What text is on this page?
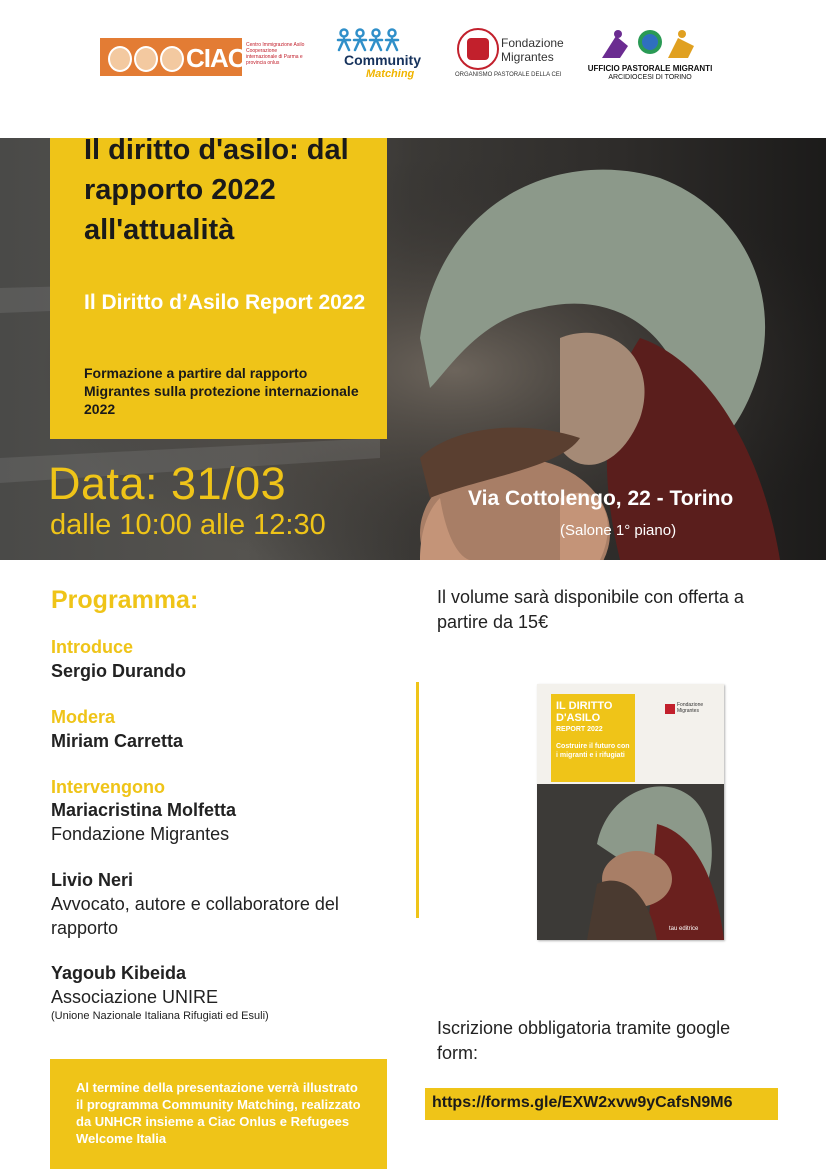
CIAC Centro Immigrazione Asilo Cooperazione internazionale di Parma e provincia onlus	Community
Matching
Fondazione Migrantes
ORGANISMO PASTORALE DELLA CEI
UFFICIO PASTORALE MIGRANTI
ARCIDIOCESI DI TORINO
Il diritto d'asilo: dal rapporto 2022 all'attualità
Il Diritto d’Asilo Report 2022
Formazione a partire dal rapporto Migrantes sulla protezione internazionale 2022
Data: 31/03
dalle 10:00 alle 12:30
Via Cottolengo, 22 - Torino
(Salone 1° piano)
Programma:
Introduce
Sergio Durando
Modera
Miriam Carretta
Intervengono
Mariacristina Molfetta
Fondazione Migrantes
Livio Neri
Avvocato, autore e collaboratore del rapporto
Yagoub Kibeida
Associazione UNIRE
(Unione Nazionale Italiana Rifugiati ed Esuli)
Il volume sarà disponibile con offerta a partire da 15€
IL DIRITTO D'ASILO
REPORT 2022
Costruire il futuro con i migranti e i rifugiati
Fondazione Migrantes
tau editrice
Iscrizione obbligatoria tramite google form:
https://forms.gle/EXW2xvw9yCafsN9M6
Al termine della presentazione verrà illustrato il programma Community Matching, realizzato da UNHCR insieme a Ciac Onlus e Refugees Welcome Italia
